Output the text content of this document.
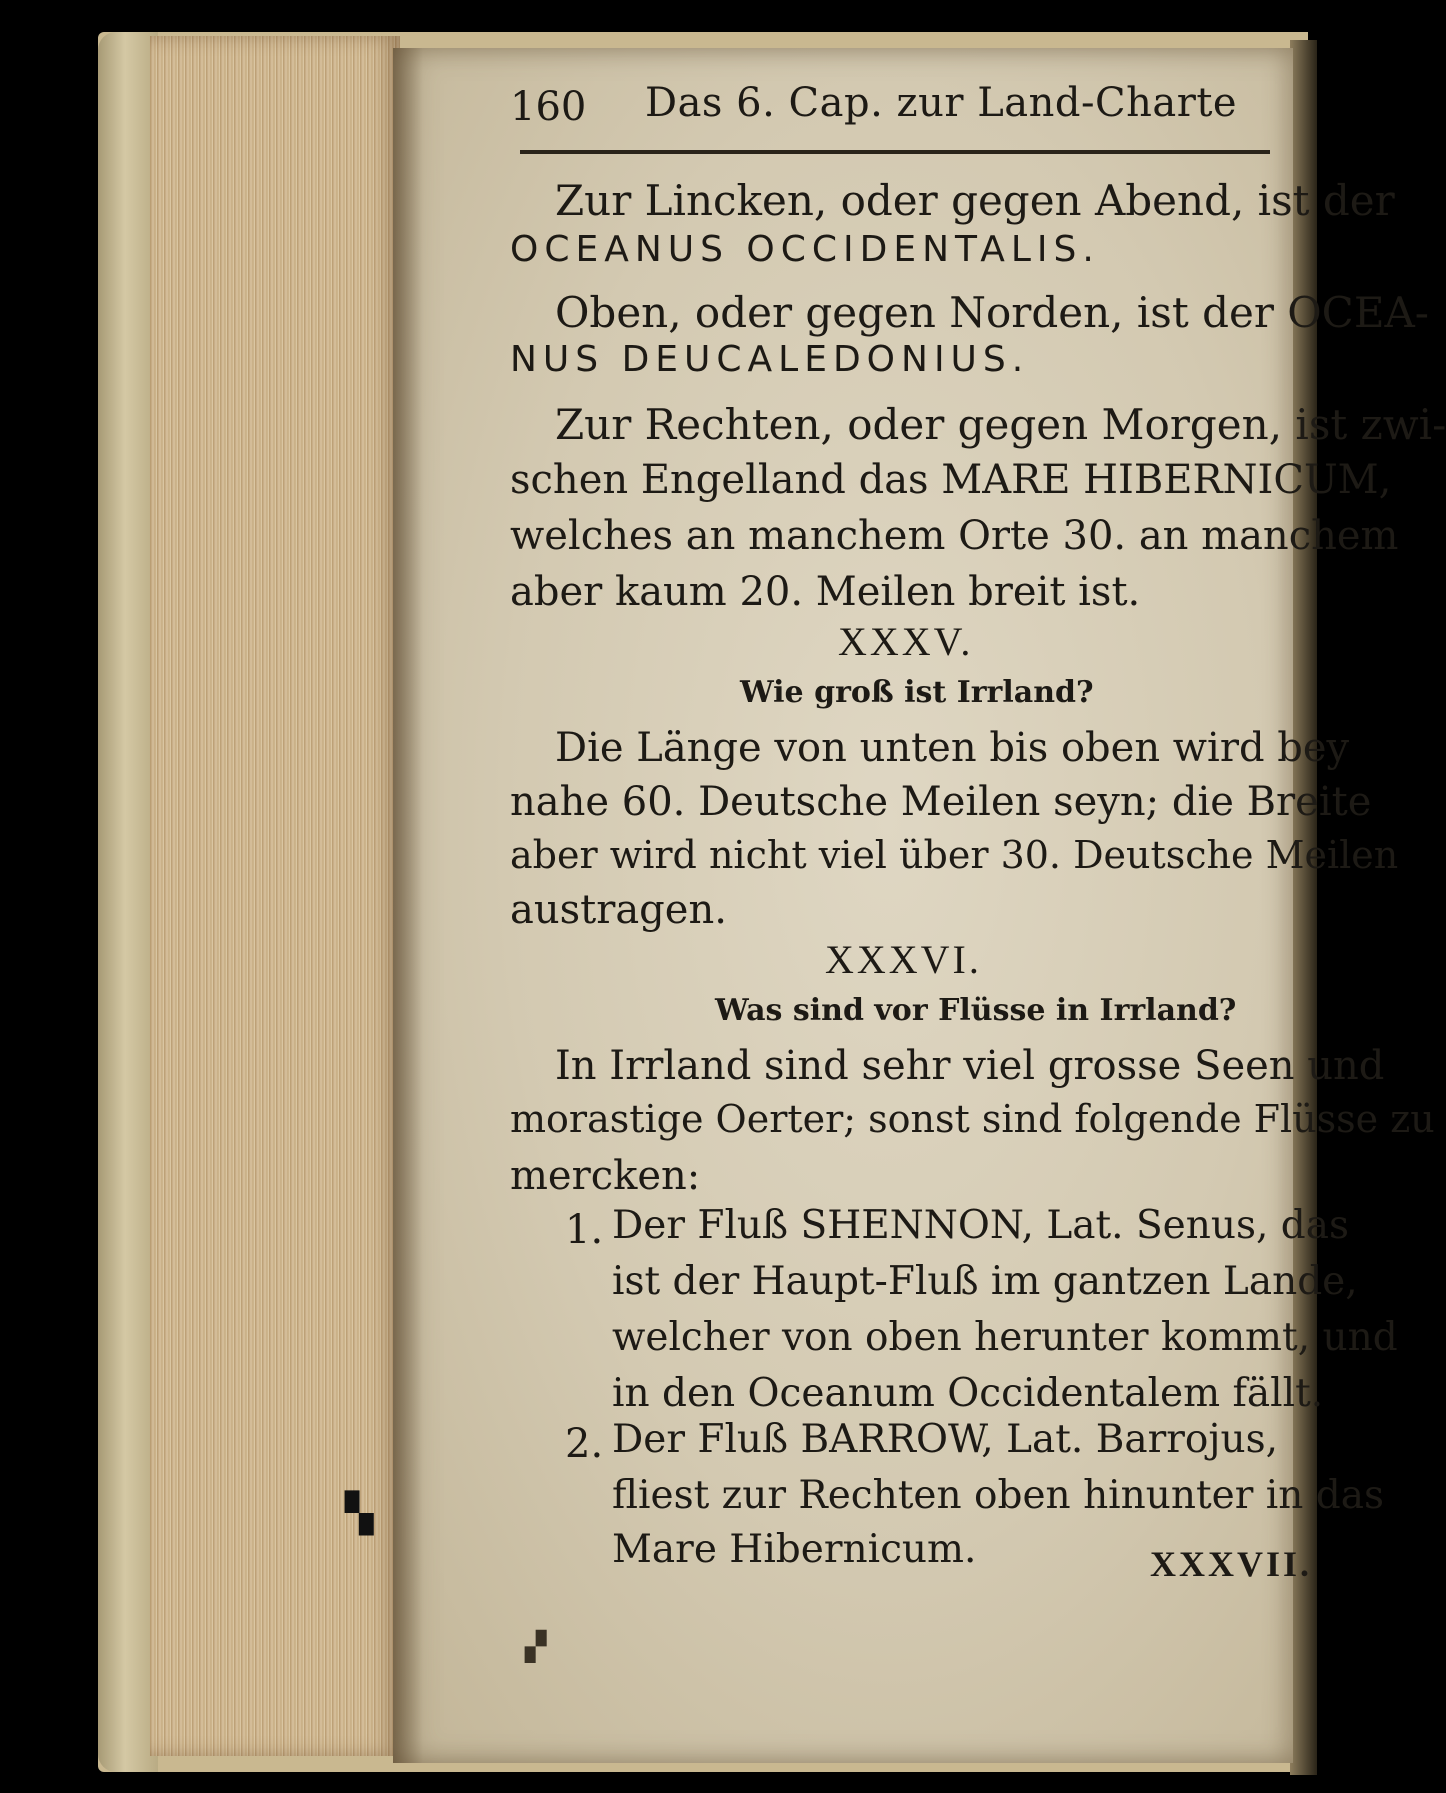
▝▖
▞
160 Das 6. Cap. zur Land-Charte
Zur Lincken, oder gegen Abend, ist der
OCEANUS OCCIDENTALIS.
Oben, oder gegen Norden, ist der OCEA-
NUS DEUCALEDONIUS.
Zur Rechten, oder gegen Morgen, ist zwi-
schen Engelland das MARE HIBERNICUM,
welches an manchem Orte 30. an manchem
aber kaum 20. Meilen breit ist.
XXXV.
Wie groß ist Irrland?
Die Länge von unten bis oben wird bey
nahe 60. Deutsche Meilen seyn; die Breite
aber wird nicht viel über 30. Deutsche Meilen
austragen.
XXXVI.
Was sind vor Flüsse in Irrland?
In Irrland sind sehr viel grosse Seen und
morastige Oerter; sonst sind folgende Flüsse zu
mercken:
1. Der Fluß SHENNON, Lat. Senus, das
ist der Haupt-Fluß im gantzen Lande,
welcher von oben herunter kommt, und
in den Oceanum Occidentalem fällt.
2. Der Fluß BARROW, Lat. Barrojus,
fliest zur Rechten oben hinunter in das
Mare Hibernicum.	XXXVII.
